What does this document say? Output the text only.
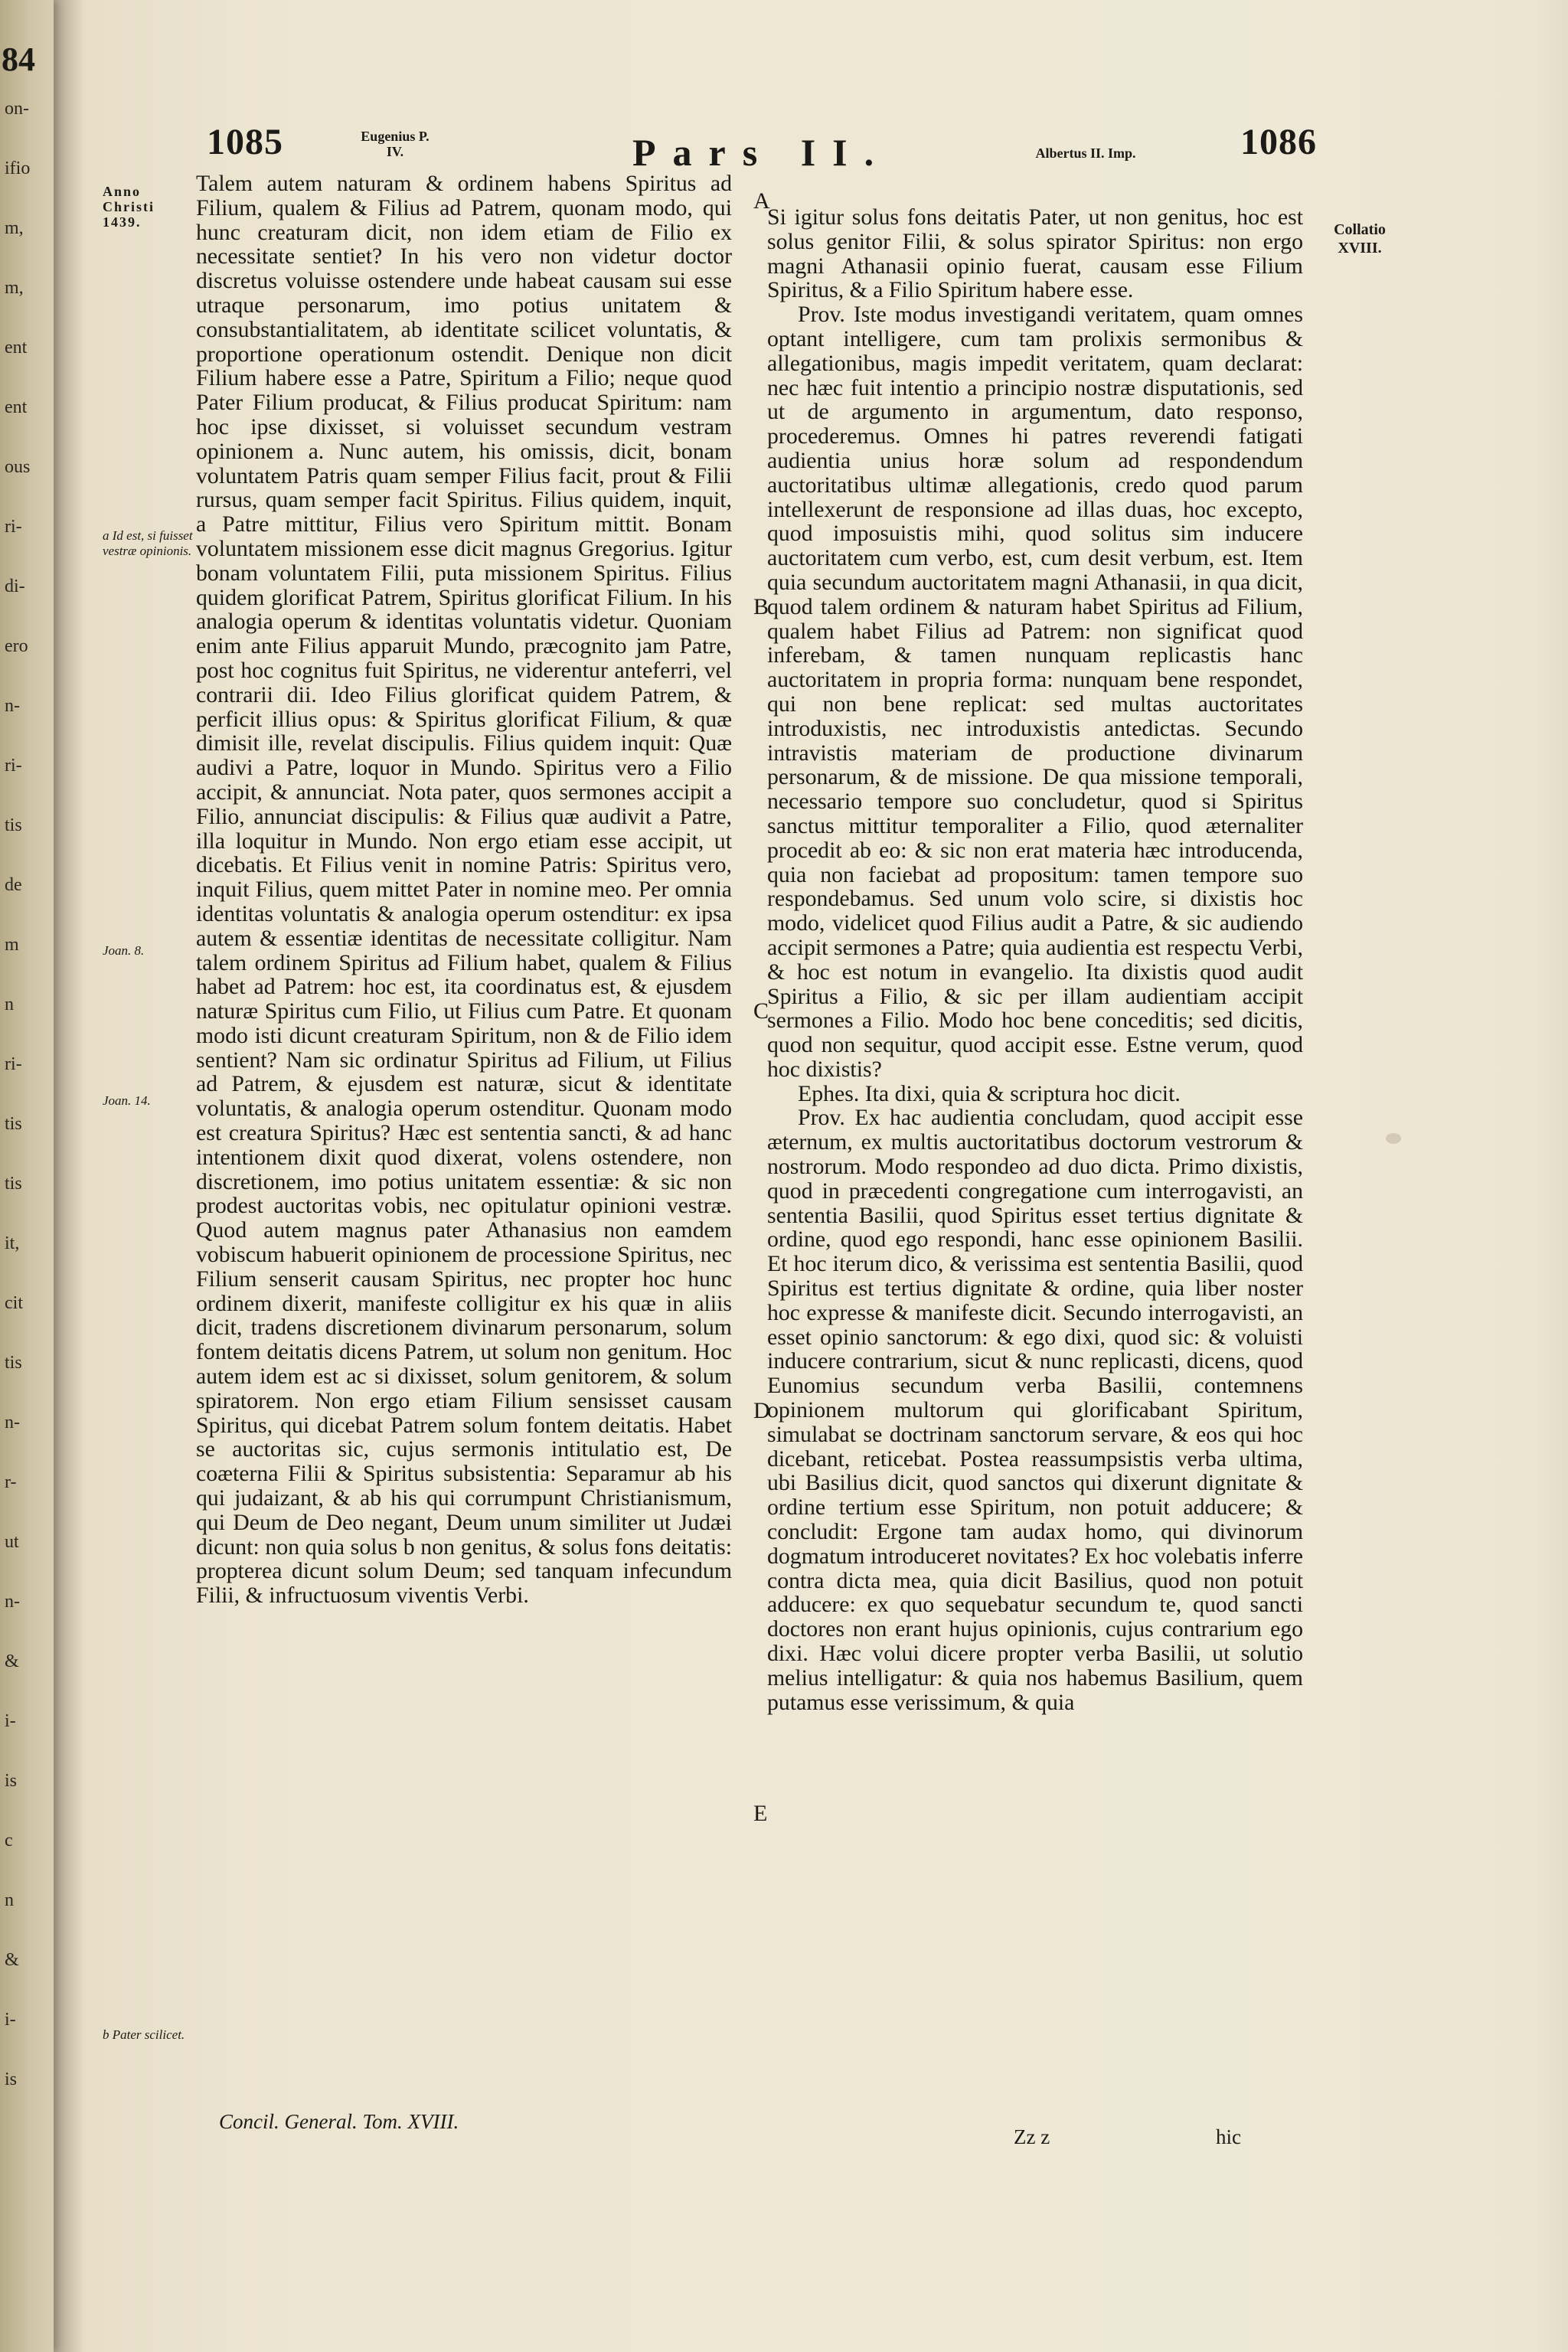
84
on-
ifio
m,
m,
ent
ent
ous
ri-
di-
ero
n-
ri-
tis
de
m
n
ri-
tis
tis
it,
cit
tis
n-
r-
ut
n-
&
i-
is
c
n
&
i-
is
1085	Eugenius P. IV.	Pars II.	Albertus II. Imp.	1086
Anno Christi 1439.
a Id est, si fuisset vestræ opinionis.
Joan. 8.
Joan. 14.
b Pater scilicet.
Collatio XVIII.
A
B
C
D
E

Talem autem naturam & ordinem habens Spiritus ad Filium, qualem & Filius ad Patrem, quonam modo, qui hunc creaturam dicit, non idem etiam de Filio ex necessitate sentiet? In his vero non videtur doctor discretus voluisse ostendere unde habeat causam sui esse utraque personarum, imo potius unitatem & consubstantialitatem, ab identitate scilicet voluntatis, & proportione operationum ostendit. Denique non dicit Filium habere esse a Patre, Spiritum a Filio; neque quod Pater Filium producat, & Filius producat Spiritum: nam hoc ipse dixisset, si voluisset secundum vestram opinionem a. Nunc autem, his omissis, dicit, bonam voluntatem Patris quam semper Filius facit, prout & Filii rursus, quam semper facit Spiritus. Filius quidem, inquit, a Patre mittitur, Filius vero Spiritum mittit. Bonam voluntatem missionem esse dicit magnus Gregorius. Igitur bonam voluntatem Filii, puta missionem Spiritus. Filius quidem glorificat Patrem, Spiritus glorificat Filium. In his analogia operum & identitas voluntatis videtur. Quoniam enim ante Filius apparuit Mundo, præcognito jam Patre, post hoc cognitus fuit Spiritus, ne viderentur anteferri, vel contrarii dii. Ideo Filius glorificat quidem Patrem, & perficit illius opus: & Spiritus glorificat Filium, & quæ dimisit ille, revelat discipulis. Filius quidem inquit: Quæ audivi a Patre, loquor in Mundo. Spiritus vero a Filio accipit, & annunciat. Nota pater, quos sermones accipit a Filio, annunciat discipulis: & Filius quæ audivit a Patre, illa loquitur in Mundo. Non ergo etiam esse accipit, ut dicebatis. Et Filius venit in nomine Patris: Spiritus vero, inquit Filius, quem mittet Pater in nomine meo. Per omnia identitas voluntatis & analogia operum ostenditur: ex ipsa autem & essentiæ identitas de necessitate colligitur. Nam talem ordinem Spiritus ad Filium habet, qualem & Filius habet ad Patrem: hoc est, ita coordinatus est, & ejusdem naturæ Spiritus cum Filio, ut Filius cum Patre. Et quonam modo isti dicunt creaturam Spiritum, non & de Filio idem sentient? Nam sic ordinatur Spiritus ad Filium, ut Filius ad Patrem, & ejusdem est naturæ, sicut & identitate voluntatis, & analogia operum ostenditur. Quonam modo est creatura Spiritus? Hæc est sententia sancti, & ad hanc intentionem dixit quod dixerat, volens ostendere, non discretionem, imo potius unitatem essentiæ: & sic non prodest auctoritas vobis, nec opitulatur opinioni vestræ. Quod autem magnus pater Athanasius non eamdem vobiscum habuerit opinionem de processione Spiritus, nec Filium senserit causam Spiritus, nec propter hoc hunc ordinem dixerit, manifeste colligitur ex his quæ in aliis dicit, tradens discretionem divinarum personarum, solum fontem deitatis dicens Patrem, ut solum non genitum. Hoc autem idem est ac si dixisset, solum genitorem, & solum spiratorem. Non ergo etiam Filium sensisset causam Spiritus, qui dicebat Patrem solum fontem deitatis. Habet se auctoritas sic, cujus sermonis intitulatio est, De coæterna Filii & Spiritus subsistentia: Separamur ab his qui judaizant, & ab his qui corrumpunt Christianismum, qui Deum de Deo negant, Deum unum similiter ut Judæi dicunt: non quia solus b non genitus, & solus fons deitatis: propterea dicunt solum Deum; sed tanquam infecundum Filii, & infructuosum viventis Verbi.

Si igitur solus fons deitatis Pater, ut non genitus, hoc est solus genitor Filii, & solus spirator Spiritus: non ergo magni Athanasii opinio fuerat, causam esse Filium Spiritus, & a Filio Spiritum habere esse.

Prov. Iste modus investigandi veritatem, quam omnes optant intelligere, cum tam prolixis sermonibus & allegationibus, magis impedit veritatem, quam declarat: nec hæc fuit intentio a principio nostræ disputationis, sed ut de argumento in argumentum, dato responso, procederemus. Omnes hi patres reverendi fatigati audientia unius horæ solum ad respondendum auctoritatibus ultimæ allegationis, credo quod parum intellexerunt de responsione ad illas duas, hoc excepto, quod imposuistis mihi, quod solitus sim inducere auctoritatem cum verbo, est, cum desit verbum, est. Item quia secundum auctoritatem magni Athanasii, in qua dicit, quod talem ordinem & naturam habet Spiritus ad Filium, qualem habet Filius ad Patrem: non significat quod inferebam, & tamen nunquam replicastis hanc auctoritatem in propria forma: nunquam bene respondet, qui non bene replicat: sed multas auctoritates introduxistis, nec introduxistis antedictas. Secundo intravistis materiam de productione divinarum personarum, & de missione. De qua missione temporali, necessario tempore suo concludetur, quod si Spiritus sanctus mittitur temporaliter a Filio, quod æternaliter procedit ab eo: & sic non erat materia hæc introducenda, quia non faciebat ad propositum: tamen tempore suo respondebamus. Sed unum volo scire, si dixistis hoc modo, videlicet quod Filius audit a Patre, & sic audiendo accipit sermones a Patre; quia audientia est respectu Verbi, & hoc est notum in evangelio. Ita dixistis quod audit Spiritus a Filio, & sic per illam audientiam accipit sermones a Filio. Modo hoc bene conceditis; sed dicitis, quod non sequitur, quod accipit esse. Estne verum, quod hoc dixistis?

Ephes. Ita dixi, quia & scriptura hoc dicit.

Prov. Ex hac audientia concludam, quod accipit esse æternum, ex multis auctoritatibus doctorum vestrorum & nostrorum. Modo respondeo ad duo dicta. Primo dixistis, quod in præcedenti congregatione cum interrogavisti, an sententia Basilii, quod Spiritus esset tertius dignitate & ordine, quod ego respondi, hanc esse opinionem Basilii. Et hoc iterum dico, & verissima est sententia Basilii, quod Spiritus est tertius dignitate & ordine, quia liber noster hoc expresse & manifeste dicit. Secundo interrogavisti, an esset opinio sanctorum: & ego dixi, quod sic: & voluisti inducere contrarium, sicut & nunc replicasti, dicens, quod Eunomius secundum verba Basilii, contemnens opinionem multorum qui glorificabant Spiritum, simulabat se doctrinam sanctorum servare, & eos qui hoc dicebant, reticebat. Postea reassumpsistis verba ultima, ubi Basilius dicit, quod sanctos qui dixerunt dignitate & ordine tertium esse Spiritum, non potuit adducere; & concludit: Ergone tam audax homo, qui divinorum dogmatum introduceret novitates? Ex hoc volebatis inferre contra dicta mea, quia dicit Basilius, quod non potuit adducere: ex quo sequebatur secundum te, quod sancti doctores non erant hujus opinionis, cujus contrarium ego dixi. Hæc volui dicere propter verba Basilii, ut solutio melius intelligatur: & quia nos habemus Basilium, quem putamus esse verissimum, & quia

Concil. General. Tom. XVIII.
Zz z	hic
